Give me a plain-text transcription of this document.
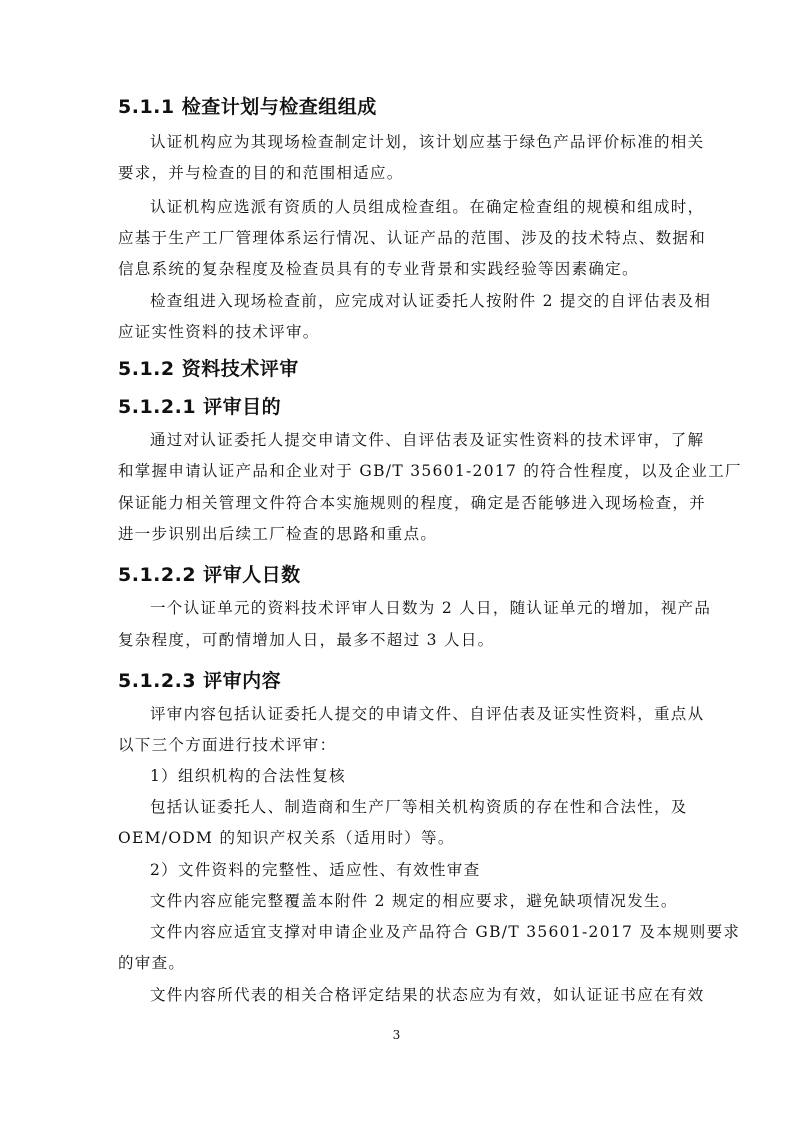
5.1.1 检查计划与检查组组成
认证机构应为其现场检查制定计划，该计划应基于绿色产品评价标准的相关
要求，并与检查的目的和范围相适应。
认证机构应选派有资质的人员组成检查组。在确定检查组的规模和组成时，
应基于生产工厂管理体系运行情况、认证产品的范围、涉及的技术特点、数据和
信息系统的复杂程度及检查员具有的专业背景和实践经验等因素确定。
检查组进入现场检查前，应完成对认证委托人按附件 2 提交的自评估表及相
应证实性资料的技术评审。
5.1.2 资料技术评审
5.1.2.1 评审目的
通过对认证委托人提交申请文件、自评估表及证实性资料的技术评审，了解
和掌握申请认证产品和企业对于 GB/T 35601-2017 的符合性程度，以及企业工厂
保证能力相关管理文件符合本实施规则的程度，确定是否能够进入现场检查，并
进一步识别出后续工厂检查的思路和重点。
5.1.2.2 评审人日数
一个认证单元的资料技术评审人日数为 2 人日，随认证单元的增加，视产品
复杂程度，可酌情增加人日，最多不超过 3 人日。
5.1.2.3 评审内容
评审内容包括认证委托人提交的申请文件、自评估表及证实性资料，重点从
以下三个方面进行技术评审：
1）组织机构的合法性复核
包括认证委托人、制造商和生产厂等相关机构资质的存在性和合法性，及
OEM/ODM 的知识产权关系（适用时）等。
2）文件资料的完整性、适应性、有效性审查
文件内容应能完整覆盖本附件 2 规定的相应要求，避免缺项情况发生。
文件内容应适宜支撑对申请企业及产品符合 GB/T 35601-2017 及本规则要求
的审查。
文件内容所代表的相关合格评定结果的状态应为有效，如认证证书应在有效
3
